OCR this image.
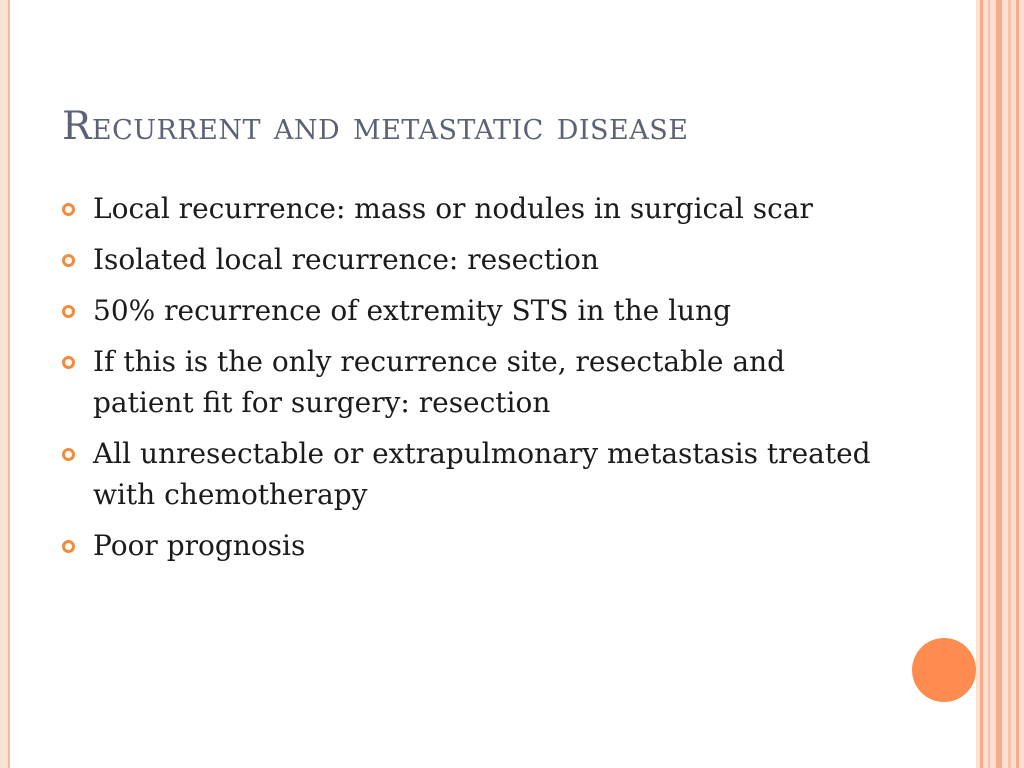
Recurrent and metastatic disease
Local recurrence: mass or nodules in surgical scar
Isolated local recurrence: resection
50% recurrence of extremity STS in the lung
If this is the only recurrence site, resectable and patient fit for surgery: resection
All unresectable or extrapulmonary metastasis treated with chemotherapy
Poor prognosis
